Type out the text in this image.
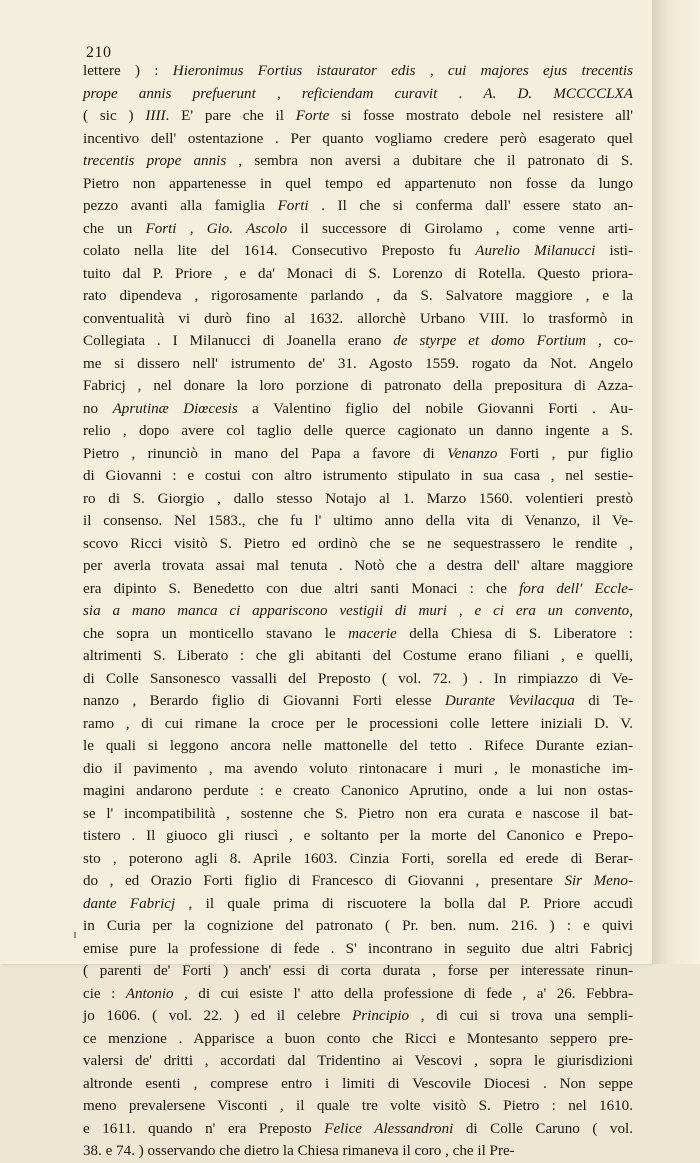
210
lettere ) : Hieronimus Fortius istaurator edis , cui majores ejus trecentis
prope annis prefuerunt , reficiendam curavit . A. D. MCCCCLXA
( sic ) IIII. E' pare che il Forte si fosse mostrato debole nel resistere all'
incentivo dell' ostentazione . Per quanto vogliamo credere però esagerato quel
trecentis prope annis , sembra non aversi a dubitare che il patronato di S.
Pietro non appartenesse in quel tempo ed appartenuto non fosse da lungo
pezzo avanti alla famiglia Forti . Il che si conferma dall' essere stato an-
che un Forti , Gio. Ascolo il successore di Girolamo , come venne arti-
colato nella lite del 1614. Consecutivo Preposto fu Aurelio Milanucci isti-
tuito dal P. Priore , e da' Monaci di S. Lorenzo di Rotella. Questo priora-
rato dipendeva , rigorosamente parlando , da S. Salvatore maggiore , e la
conventualità vi durò fino al 1632. allorchè Urbano VIII. lo trasformò in
Collegiata . I Milanucci di Joanella erano de styrpe et domo Fortium , co-
me si dissero nell' istrumento de' 31. Agosto 1559. rogato da Not. Angelo
Fabricj , nel donare la loro porzione di patronato della prepositura di Azza-
no Aprutinæ Diœcesis a Valentino figlio del nobile Giovanni Forti . Au-
relio , dopo avere col taglio delle querce cagionato un danno ingente a S.
Pietro , rinunciò in mano del Papa a favore di Venanzo Forti , pur figlio
di Giovanni : e costui con altro istrumento stipulato in sua casa , nel sestie-
ro di S. Giorgio , dallo stesso Notajo al 1. Marzo 1560. volentieri prestò
il consenso. Nel 1583., che fu l' ultimo anno della vita di Venanzo, il Ve-
scovo Ricci visitò S. Pietro ed ordinò che se ne sequestrassero le rendite ,
per averla trovata assai mal tenuta . Notò che a destra dell' altare maggiore
era dipinto S. Benedetto con due altri santi Monaci : che fora dell' Eccle-
sia a mano manca ci appariscono vestigii di muri , e ci era un convento,
che sopra un monticello stavano le macerie della Chiesa di S. Liberatore :
altrimenti S. Liberato : che gli abitanti del Costume erano filiani , e quelli,
di Colle Sansonesco vassalli del Preposto ( vol. 72. ) . In rimpiazzo di Ve-
nanzo , Berardo figlio di Giovanni Forti elesse Durante Vevilacqua di Te-
ramo , di cui rimane la croce per le processioni colle lettere iniziali D. V.
le quali si leggono ancora nelle mattonelle del tetto . Rifece Durante ezian-
dio il pavimento , ma avendo voluto rintonacare i muri , le monastiche im-
magini andarono perdute : e creato Canonico Aprutino, onde a lui non ostas-
se l' incompatibilità , sostenne che S. Pietro non era curata e nascose il bat-
tistero . Il giuoco gli riuscì , e soltanto per la morte del Canonico e Prepo-
sto , poterono agli 8. Aprile 1603. Cinzia Forti, sorella ed erede di Berar-
do , ed Orazio Forti figlio di Francesco di Giovanni , presentare Sir Meno-
dante Fabricj , il quale prima di riscuotere la bolla dal P. Priore accudì
in Curia per la cognizione del patronato ( Pr. ben. num. 216. ) : e quivi
emise pure la professione di fede . S' incontrano in seguito due altri Fabricj
( parenti de' Forti ) anch' essi di corta durata , forse per interessate rinun-
cie : Antonio , di cui esiste l' atto della professione di fede , a' 26. Febbra-
jo 1606. ( vol. 22. ) ed il celebre Principio , di cui si trova una sempli-
ce menzione . Apparisce a buon conto che Ricci e Montesanto seppero pre-
valersi de' dritti , accordati dal Tridentino ai Vescovi , sopra le giurisdizioni
altronde esenti , comprese entro i limiti di Vescovile Diocesi . Non seppe
meno prevalersene Visconti , il quale tre volte visitò S. Pietro : nel 1610.
e 1611. quando n' era Preposto Felice Alessandroni di Colle Caruno ( vol.
38. e 74. ) osservando che dietro la Chiesa rimaneva il coro , che il Pre-
